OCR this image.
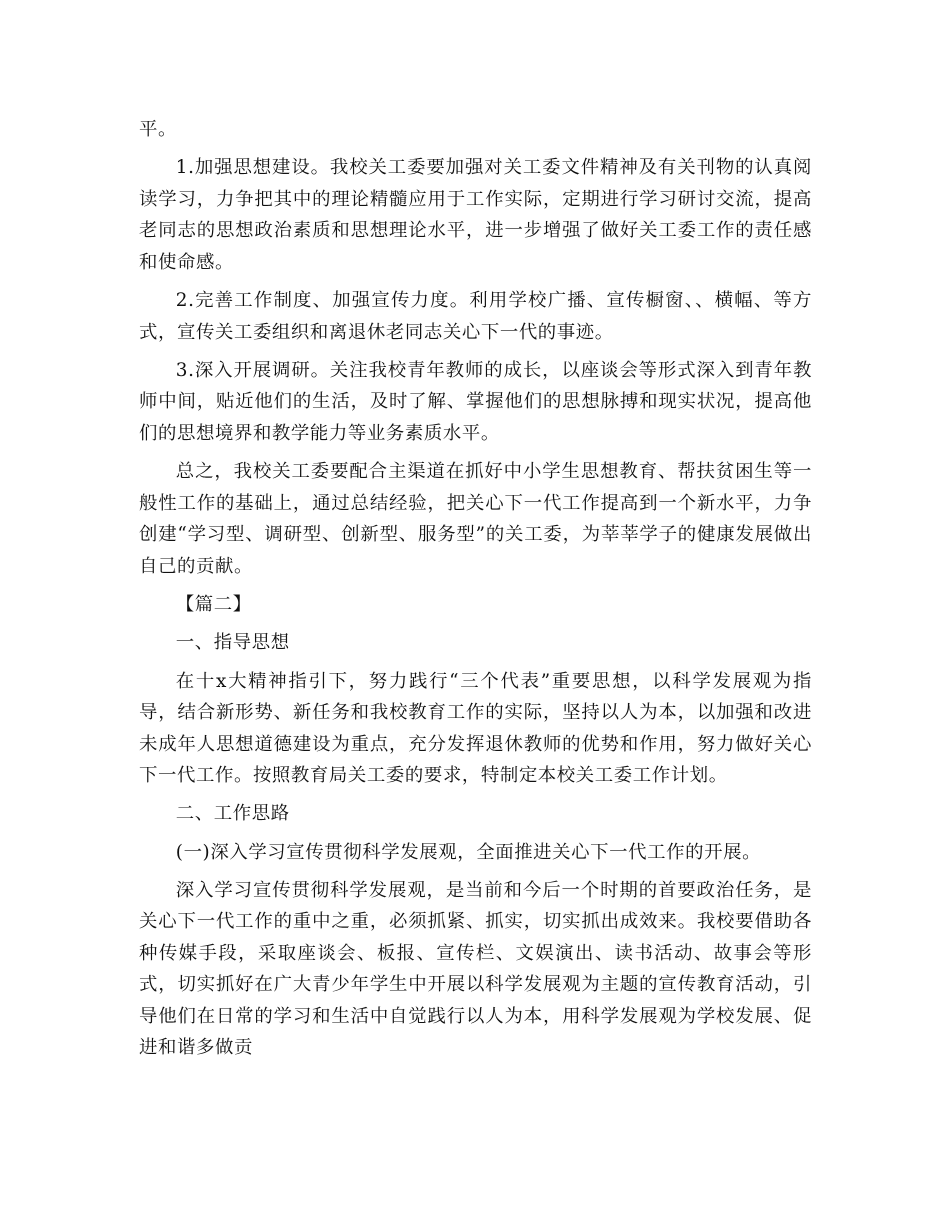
平。

1.加强思想建设。我校关工委要加强对关工委文件精神及有关刊物的认真阅读学习，力争把其中的理论精髓应用于工作实际，定期进行学习研讨交流，提高老同志的思想政治素质和思想理论水平，进一步增强了做好关工委工作的责任感和使命感。

2.完善工作制度、加强宣传力度。利用学校广播、宣传橱窗、、横幅、等方式，宣传关工委组织和离退休老同志关心下一代的事迹。

3.深入开展调研。关注我校青年教师的成长，以座谈会等形式深入到青年教师中间，贴近他们的生活，及时了解、掌握他们的思想脉搏和现实状况，提高他们的思想境界和教学能力等业务素质水平。

总之，我校关工委要配合主渠道在抓好中小学生思想教育、帮扶贫困生等一般性工作的基础上，通过总结经验，把关心下一代工作提高到一个新水平，力争创建“学习型、调研型、创新型、服务型”的关工委，为莘莘学子的健康发展做出自己的贡献。

【篇二】

一、指导思想

在十x大精神指引下，努力践行“三个代表”重要思想，以科学发展观为指导，结合新形势、新任务和我校教育工作的实际，坚持以人为本，以加强和改进未成年人思想道德建设为重点，充分发挥退休教师的优势和作用，努力做好关心下一代工作。按照教育局关工委的要求，特制定本校关工委工作计划。

二、工作思路

(一)深入学习宣传贯彻科学发展观，全面推进关心下一代工作的开展。

深入学习宣传贯彻科学发展观，是当前和今后一个时期的首要政治任务，是关心下一代工作的重中之重，必须抓紧、抓实，切实抓出成效来。我校要借助各种传媒手段，采取座谈会、板报、宣传栏、文娱演出、读书活动、故事会等形式，切实抓好在广大青少年学生中开展以科学发展观为主题的宣传教育活动，引导他们在日常的学习和生活中自觉践行以人为本，用科学发展观为学校发展、促进和谐多做贡
